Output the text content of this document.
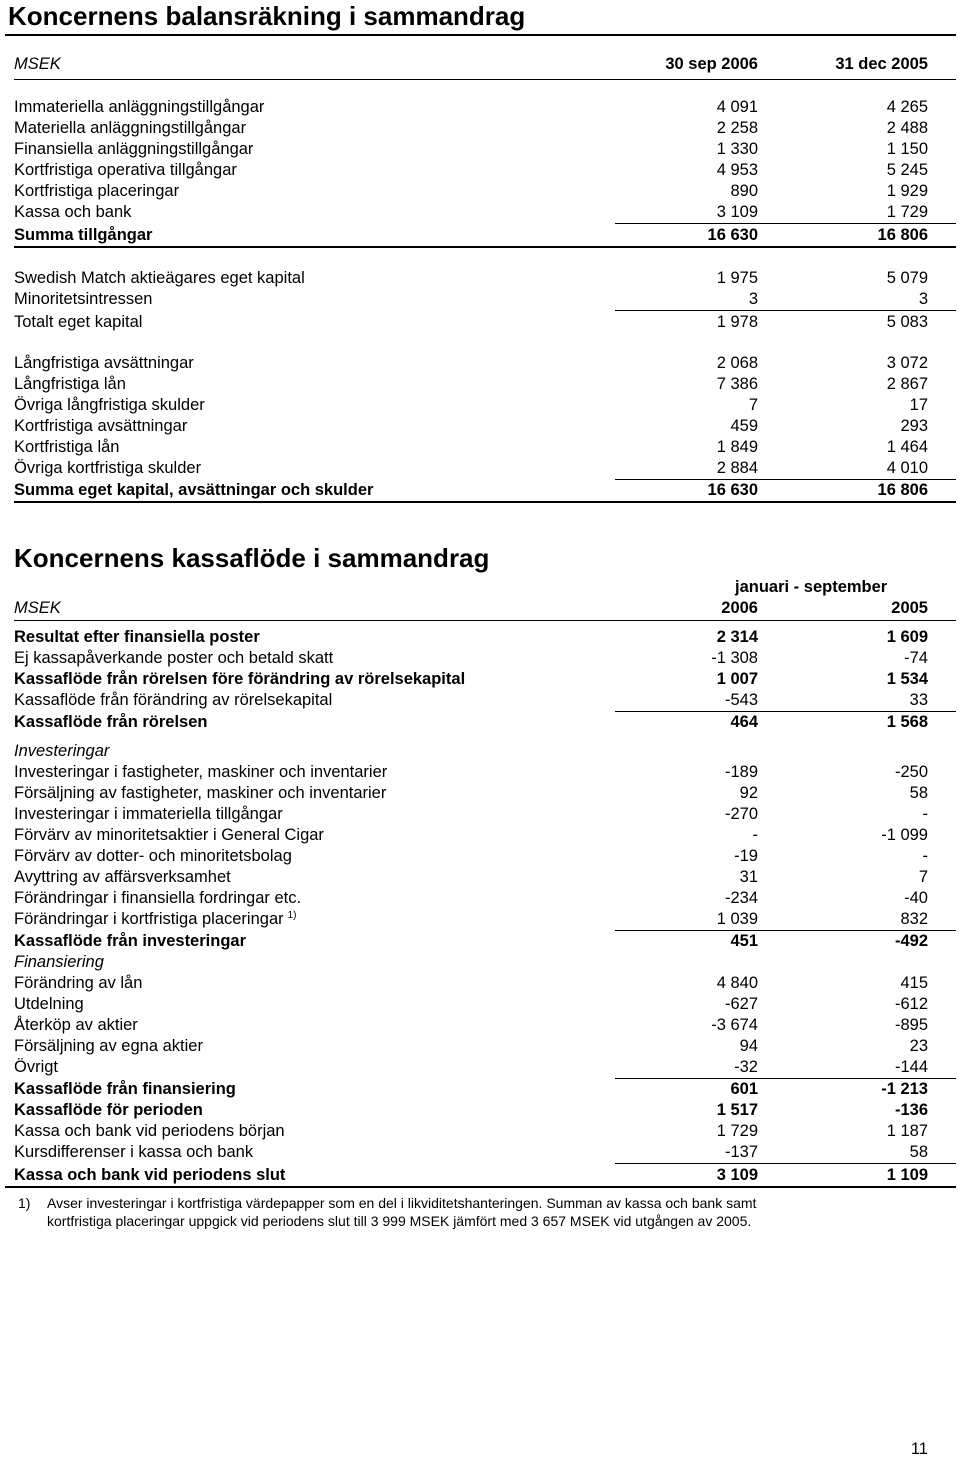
Koncernens balansräkning i sammandrag
MSEK	30 sep 2006	31 dec 2005
Immateriella anläggningstillgångar	4 091	4 265
Materiella anläggningstillgångar	2 258	2 488
Finansiella anläggningstillgångar	1 330	1 150
Kortfristiga operativa tillgångar	4 953	5 245
Kortfristiga placeringar	890	1 929
Kassa och bank	3 109	1 729
Summa tillgångar	16 630	16 806
Swedish Match aktieägares eget kapital	1 975	5 079
Minoritetsintressen	3	3
Totalt eget kapital	1 978	5 083
Långfristiga avsättningar	2 068	3 072
Långfristiga lån	7 386	2 867
Övriga långfristiga skulder	7	17
Kortfristiga avsättningar	459	293
Kortfristiga lån	1 849	1 464
Övriga kortfristiga skulder	2 884	4 010
Summa eget kapital, avsättningar och skulder	16 630	16 806
Koncernens kassaflöde i sammandrag
januari - september
MSEK	2006	2005
Resultat efter finansiella poster	2 314	1 609
Ej kassapåverkande poster och betald skatt	-1 308	-74
Kassaflöde från rörelsen före förändring av rörelsekapital	1 007	1 534
Kassaflöde från förändring av rörelsekapital	-543	33
Kassaflöde från rörelsen	464	1 568
Investeringar
Investeringar i fastigheter, maskiner och inventarier	-189	-250
Försäljning av fastigheter, maskiner och inventarier	92	58
Investeringar i immateriella tillgångar	-270	-
Förvärv av minoritetsaktier i General Cigar	-	-1 099
Förvärv av dotter- och minoritetsbolag	-19	-
Avyttring av affärsverksamhet	31	7
Förändringar i finansiella fordringar etc.	-234	-40
Förändringar i kortfristiga placeringar $^{1)}$	1 039	832
Kassaflöde från investeringar	451	-492
Finansiering
Förändring av lån	4 840	415
Utdelning	-627	-612
Återköp av aktier	-3 674	-895
Försäljning av egna aktier	94	23
Övrigt	-32	-144
Kassaflöde från finansiering	601	-1 213
Kassaflöde för perioden	1 517	-136
Kassa och bank vid periodens början	1 729	1 187
Kursdifferenser i kassa och bank	-137	58
Kassa och bank vid periodens slut	3 109	1 109
1) Avser investeringar i kortfristiga värdepapper som en del i likviditetshanteringen. Summan av kassa och bank samt
kortfristiga placeringar uppgick vid periodens slut till 3 999 MSEK jämfört med 3 657 MSEK vid utgången av 2005.
11
